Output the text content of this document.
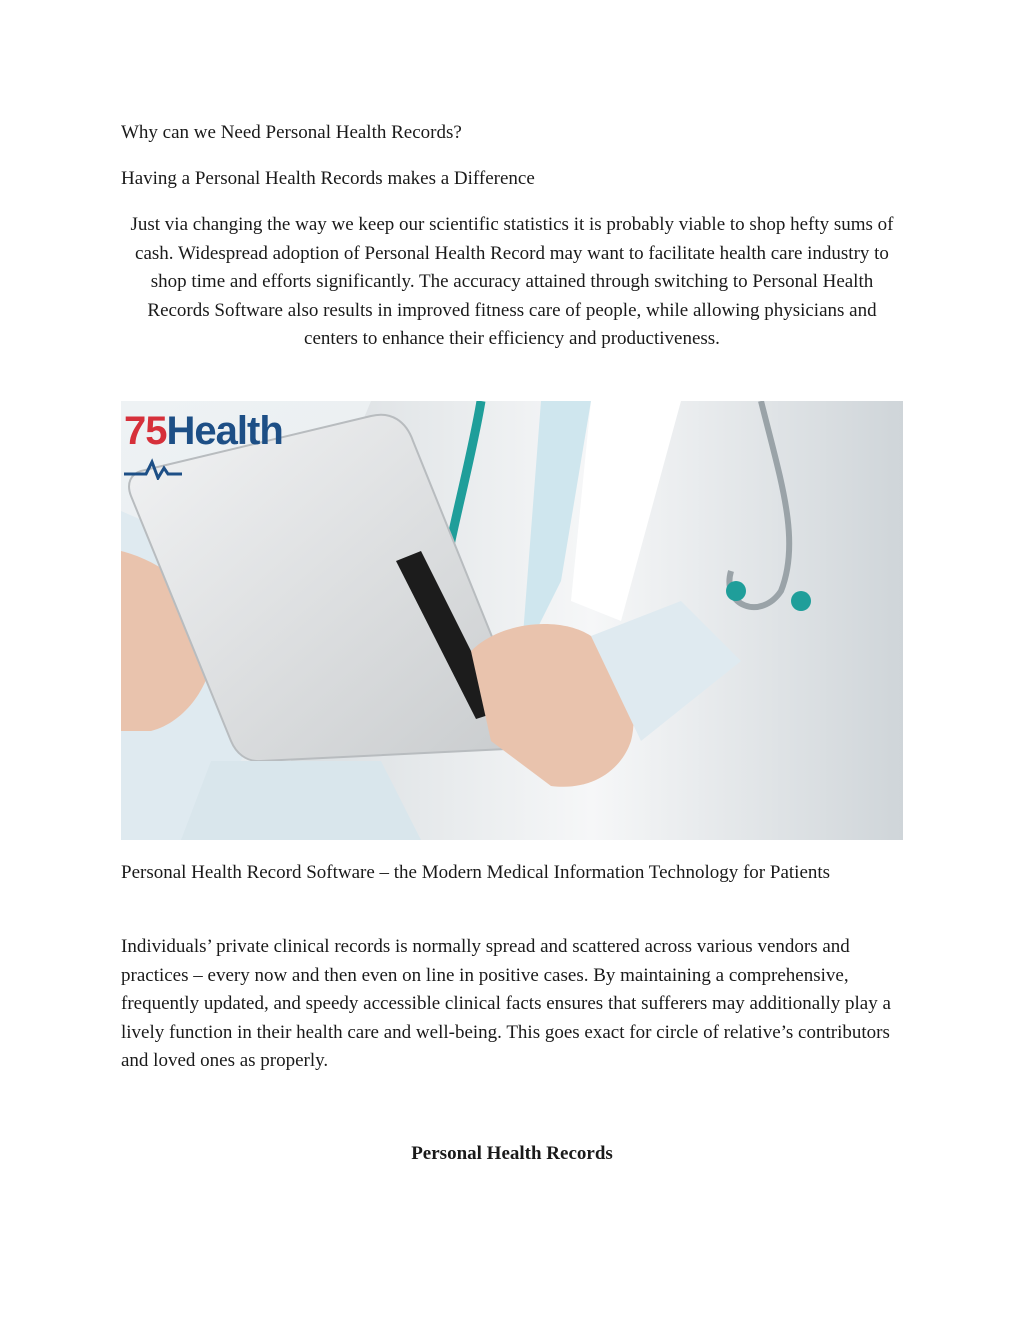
Why can we Need Personal Health Records?

Having a Personal Health Records makes a Difference

Just via changing the way we keep our scientific statistics it is probably viable to shop hefty sums of cash. Widespread adoption of Personal Health Record may want to facilitate health care industry to shop time and efforts significantly. The accuracy attained through switching to Personal Health Records Software also results in improved fitness care of people, while allowing physicians and centers to enhance their efficiency and productiveness.

75Health

Personal Health Record Software – the Modern Medical Information Technology for Patients

Individuals’ private clinical records is normally spread and scattered across various vendors and practices – every now and then even on line in positive cases. By maintaining a comprehensive, frequently updated, and speedy accessible clinical facts ensures that sufferers may additionally play a lively function in their health care and well-being. This goes exact for circle of relative’s contributors and loved ones as properly.

Personal Health Records
